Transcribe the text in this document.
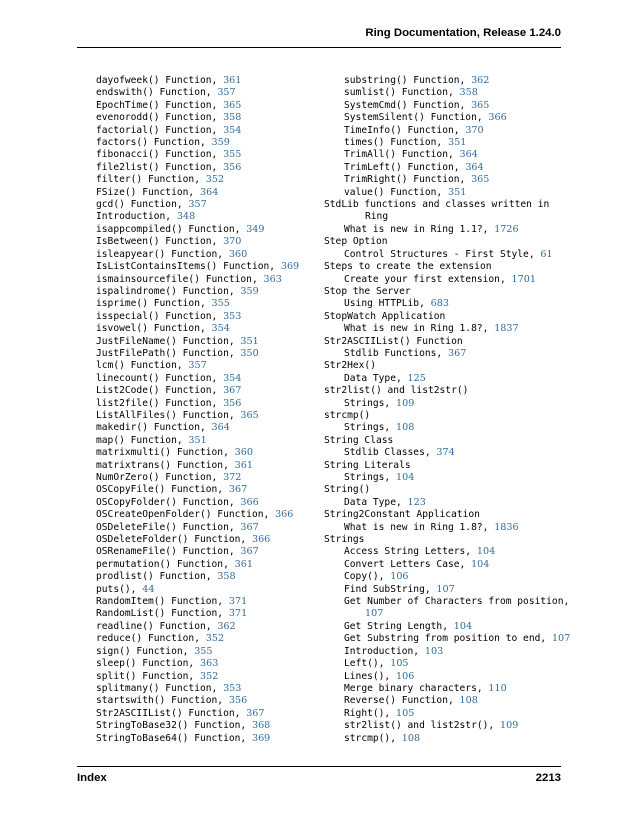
Ring Documentation, Release 1.24.0
dayofweek() Function, 361
endswith() Function, 357
EpochTime() Function, 365
evenorodd() Function, 358
factorial() Function, 354
factors() Function, 359
fibonacci() Function, 355
file2list() Function, 356
filter() Function, 352
FSize() Function, 364
gcd() Function, 357
Introduction, 348
isappcompiled() Function, 349
IsBetween() Function, 370
isleapyear() Function, 360
IsListContainsItems() Function, 369
ismainsourcefile() Function, 363
ispalindrome() Function, 359
isprime() Function, 355
isspecial() Function, 353
isvowel() Function, 354
JustFileName() Function, 351
JustFilePath() Function, 350
lcm() Function, 357
linecount() Function, 354
List2Code() Function, 367
list2file() Function, 356
ListAllFiles() Function, 365
makedir() Function, 364
map() Function, 351
matrixmulti() Function, 360
matrixtrans() Function, 361
NumOrZero() Function, 372
OSCopyFile() Function, 367
OSCopyFolder() Function, 366
OSCreateOpenFolder() Function, 366
OSDeleteFile() Function, 367
OSDeleteFolder() Function, 366
OSRenameFile() Function, 367
permutation() Function, 361
prodlist() Function, 358
puts(), 44
RandomItem() Function, 371
RandomList() Function, 371
readline() Function, 362
reduce() Function, 352
sign() Function, 355
sleep() Function, 363
split() Function, 352
splitmany() Function, 353
startswith() Function, 356
Str2ASCIIList() Function, 367
StringToBase32() Function, 368
StringToBase64() Function, 369
substring() Function, 362
sumlist() Function, 358
SystemCmd() Function, 365
SystemSilent() Function, 366
TimeInfo() Function, 370
times() Function, 351
TrimAll() Function, 364
TrimLeft() Function, 364
TrimRight() Function, 365
value() Function, 351
StdLib functions and classes written in
Ring
What is new in Ring 1.1?, 1726
Step Option
Control Structures - First Style, 61
Steps to create the extension
Create your first extension, 1701
Stop the Server
Using HTTPLib, 683
StopWatch Application
What is new in Ring 1.8?, 1837
Str2ASCIIList() Function
Stdlib Functions, 367
Str2Hex()
Data Type, 125
str2list() and list2str()
Strings, 109
strcmp()
Strings, 108
String Class
Stdlib Classes, 374
String Literals
Strings, 104
String()
Data Type, 123
String2Constant Application
What is new in Ring 1.8?, 1836
Strings
Access String Letters, 104
Convert Letters Case, 104
Copy(), 106
Find SubString, 107
Get Number of Characters from position,
107
Get String Length, 104
Get Substring from position to end, 107
Introduction, 103
Left(), 105
Lines(), 106
Merge binary characters, 110
Reverse() Function, 108
Right(), 105
str2list() and list2str(), 109
strcmp(), 108
Index	2213
